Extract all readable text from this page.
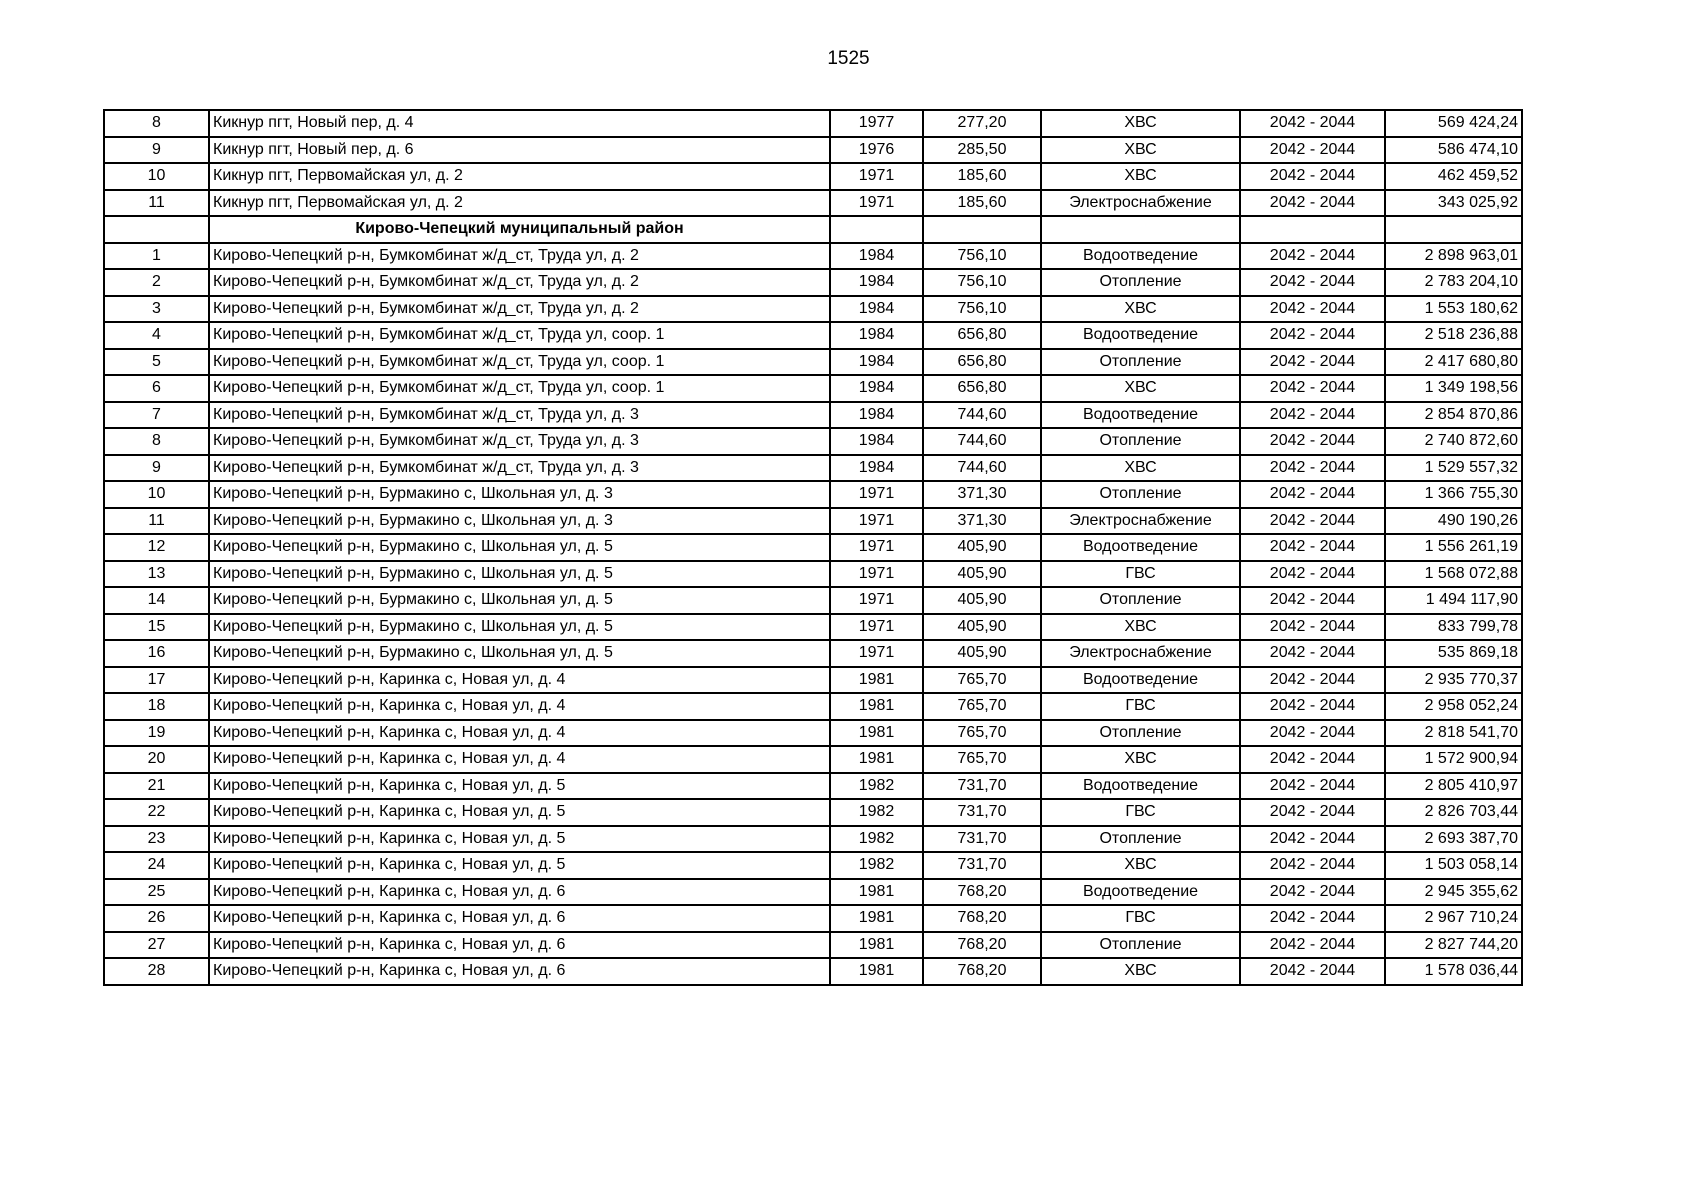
1525
8	Кикнур пгт, Новый пер, д. 4	1977	277,20	ХВС	2042 - 2044	569 424,24
9	Кикнур пгт, Новый пер, д. 6	1976	285,50	ХВС	2042 - 2044	586 474,10
10	Кикнур пгт, Первомайская ул, д. 2	1971	185,60	ХВС	2042 - 2044	462 459,52
11	Кикнур пгт, Первомайская ул, д. 2	1971	185,60	Электроснабжение	2042 - 2044	343 025,92
	Кирово-Чепецкий муниципальный район					
1	Кирово-Чепецкий р-н, Бумкомбинат ж/д_ст, Труда ул, д. 2	1984	756,10	Водоотведение	2042 - 2044	2 898 963,01
2	Кирово-Чепецкий р-н, Бумкомбинат ж/д_ст, Труда ул, д. 2	1984	756,10	Отопление	2042 - 2044	2 783 204,10
3	Кирово-Чепецкий р-н, Бумкомбинат ж/д_ст, Труда ул, д. 2	1984	756,10	ХВС	2042 - 2044	1 553 180,62
4	Кирово-Чепецкий р-н, Бумкомбинат ж/д_ст, Труда ул, соор. 1	1984	656,80	Водоотведение	2042 - 2044	2 518 236,88
5	Кирово-Чепецкий р-н, Бумкомбинат ж/д_ст, Труда ул, соор. 1	1984	656,80	Отопление	2042 - 2044	2 417 680,80
6	Кирово-Чепецкий р-н, Бумкомбинат ж/д_ст, Труда ул, соор. 1	1984	656,80	ХВС	2042 - 2044	1 349 198,56
7	Кирово-Чепецкий р-н, Бумкомбинат ж/д_ст, Труда ул, д. 3	1984	744,60	Водоотведение	2042 - 2044	2 854 870,86
8	Кирово-Чепецкий р-н, Бумкомбинат ж/д_ст, Труда ул, д. 3	1984	744,60	Отопление	2042 - 2044	2 740 872,60
9	Кирово-Чепецкий р-н, Бумкомбинат ж/д_ст, Труда ул, д. 3	1984	744,60	ХВС	2042 - 2044	1 529 557,32
10	Кирово-Чепецкий р-н, Бурмакино с, Школьная ул, д. 3	1971	371,30	Отопление	2042 - 2044	1 366 755,30
11	Кирово-Чепецкий р-н, Бурмакино с, Школьная ул, д. 3	1971	371,30	Электроснабжение	2042 - 2044	490 190,26
12	Кирово-Чепецкий р-н, Бурмакино с, Школьная ул, д. 5	1971	405,90	Водоотведение	2042 - 2044	1 556 261,19
13	Кирово-Чепецкий р-н, Бурмакино с, Школьная ул, д. 5	1971	405,90	ГВС	2042 - 2044	1 568 072,88
14	Кирово-Чепецкий р-н, Бурмакино с, Школьная ул, д. 5	1971	405,90	Отопление	2042 - 2044	1 494 117,90
15	Кирово-Чепецкий р-н, Бурмакино с, Школьная ул, д. 5	1971	405,90	ХВС	2042 - 2044	833 799,78
16	Кирово-Чепецкий р-н, Бурмакино с, Школьная ул, д. 5	1971	405,90	Электроснабжение	2042 - 2044	535 869,18
17	Кирово-Чепецкий р-н, Каринка с, Новая ул, д. 4	1981	765,70	Водоотведение	2042 - 2044	2 935 770,37
18	Кирово-Чепецкий р-н, Каринка с, Новая ул, д. 4	1981	765,70	ГВС	2042 - 2044	2 958 052,24
19	Кирово-Чепецкий р-н, Каринка с, Новая ул, д. 4	1981	765,70	Отопление	2042 - 2044	2 818 541,70
20	Кирово-Чепецкий р-н, Каринка с, Новая ул, д. 4	1981	765,70	ХВС	2042 - 2044	1 572 900,94
21	Кирово-Чепецкий р-н, Каринка с, Новая ул, д. 5	1982	731,70	Водоотведение	2042 - 2044	2 805 410,97
22	Кирово-Чепецкий р-н, Каринка с, Новая ул, д. 5	1982	731,70	ГВС	2042 - 2044	2 826 703,44
23	Кирово-Чепецкий р-н, Каринка с, Новая ул, д. 5	1982	731,70	Отопление	2042 - 2044	2 693 387,70
24	Кирово-Чепецкий р-н, Каринка с, Новая ул, д. 5	1982	731,70	ХВС	2042 - 2044	1 503 058,14
25	Кирово-Чепецкий р-н, Каринка с, Новая ул, д. 6	1981	768,20	Водоотведение	2042 - 2044	2 945 355,62
26	Кирово-Чепецкий р-н, Каринка с, Новая ул, д. 6	1981	768,20	ГВС	2042 - 2044	2 967 710,24
27	Кирово-Чепецкий р-н, Каринка с, Новая ул, д. 6	1981	768,20	Отопление	2042 - 2044	2 827 744,20
28	Кирово-Чепецкий р-н, Каринка с, Новая ул, д. 6	1981	768,20	ХВС	2042 - 2044	1 578 036,44
